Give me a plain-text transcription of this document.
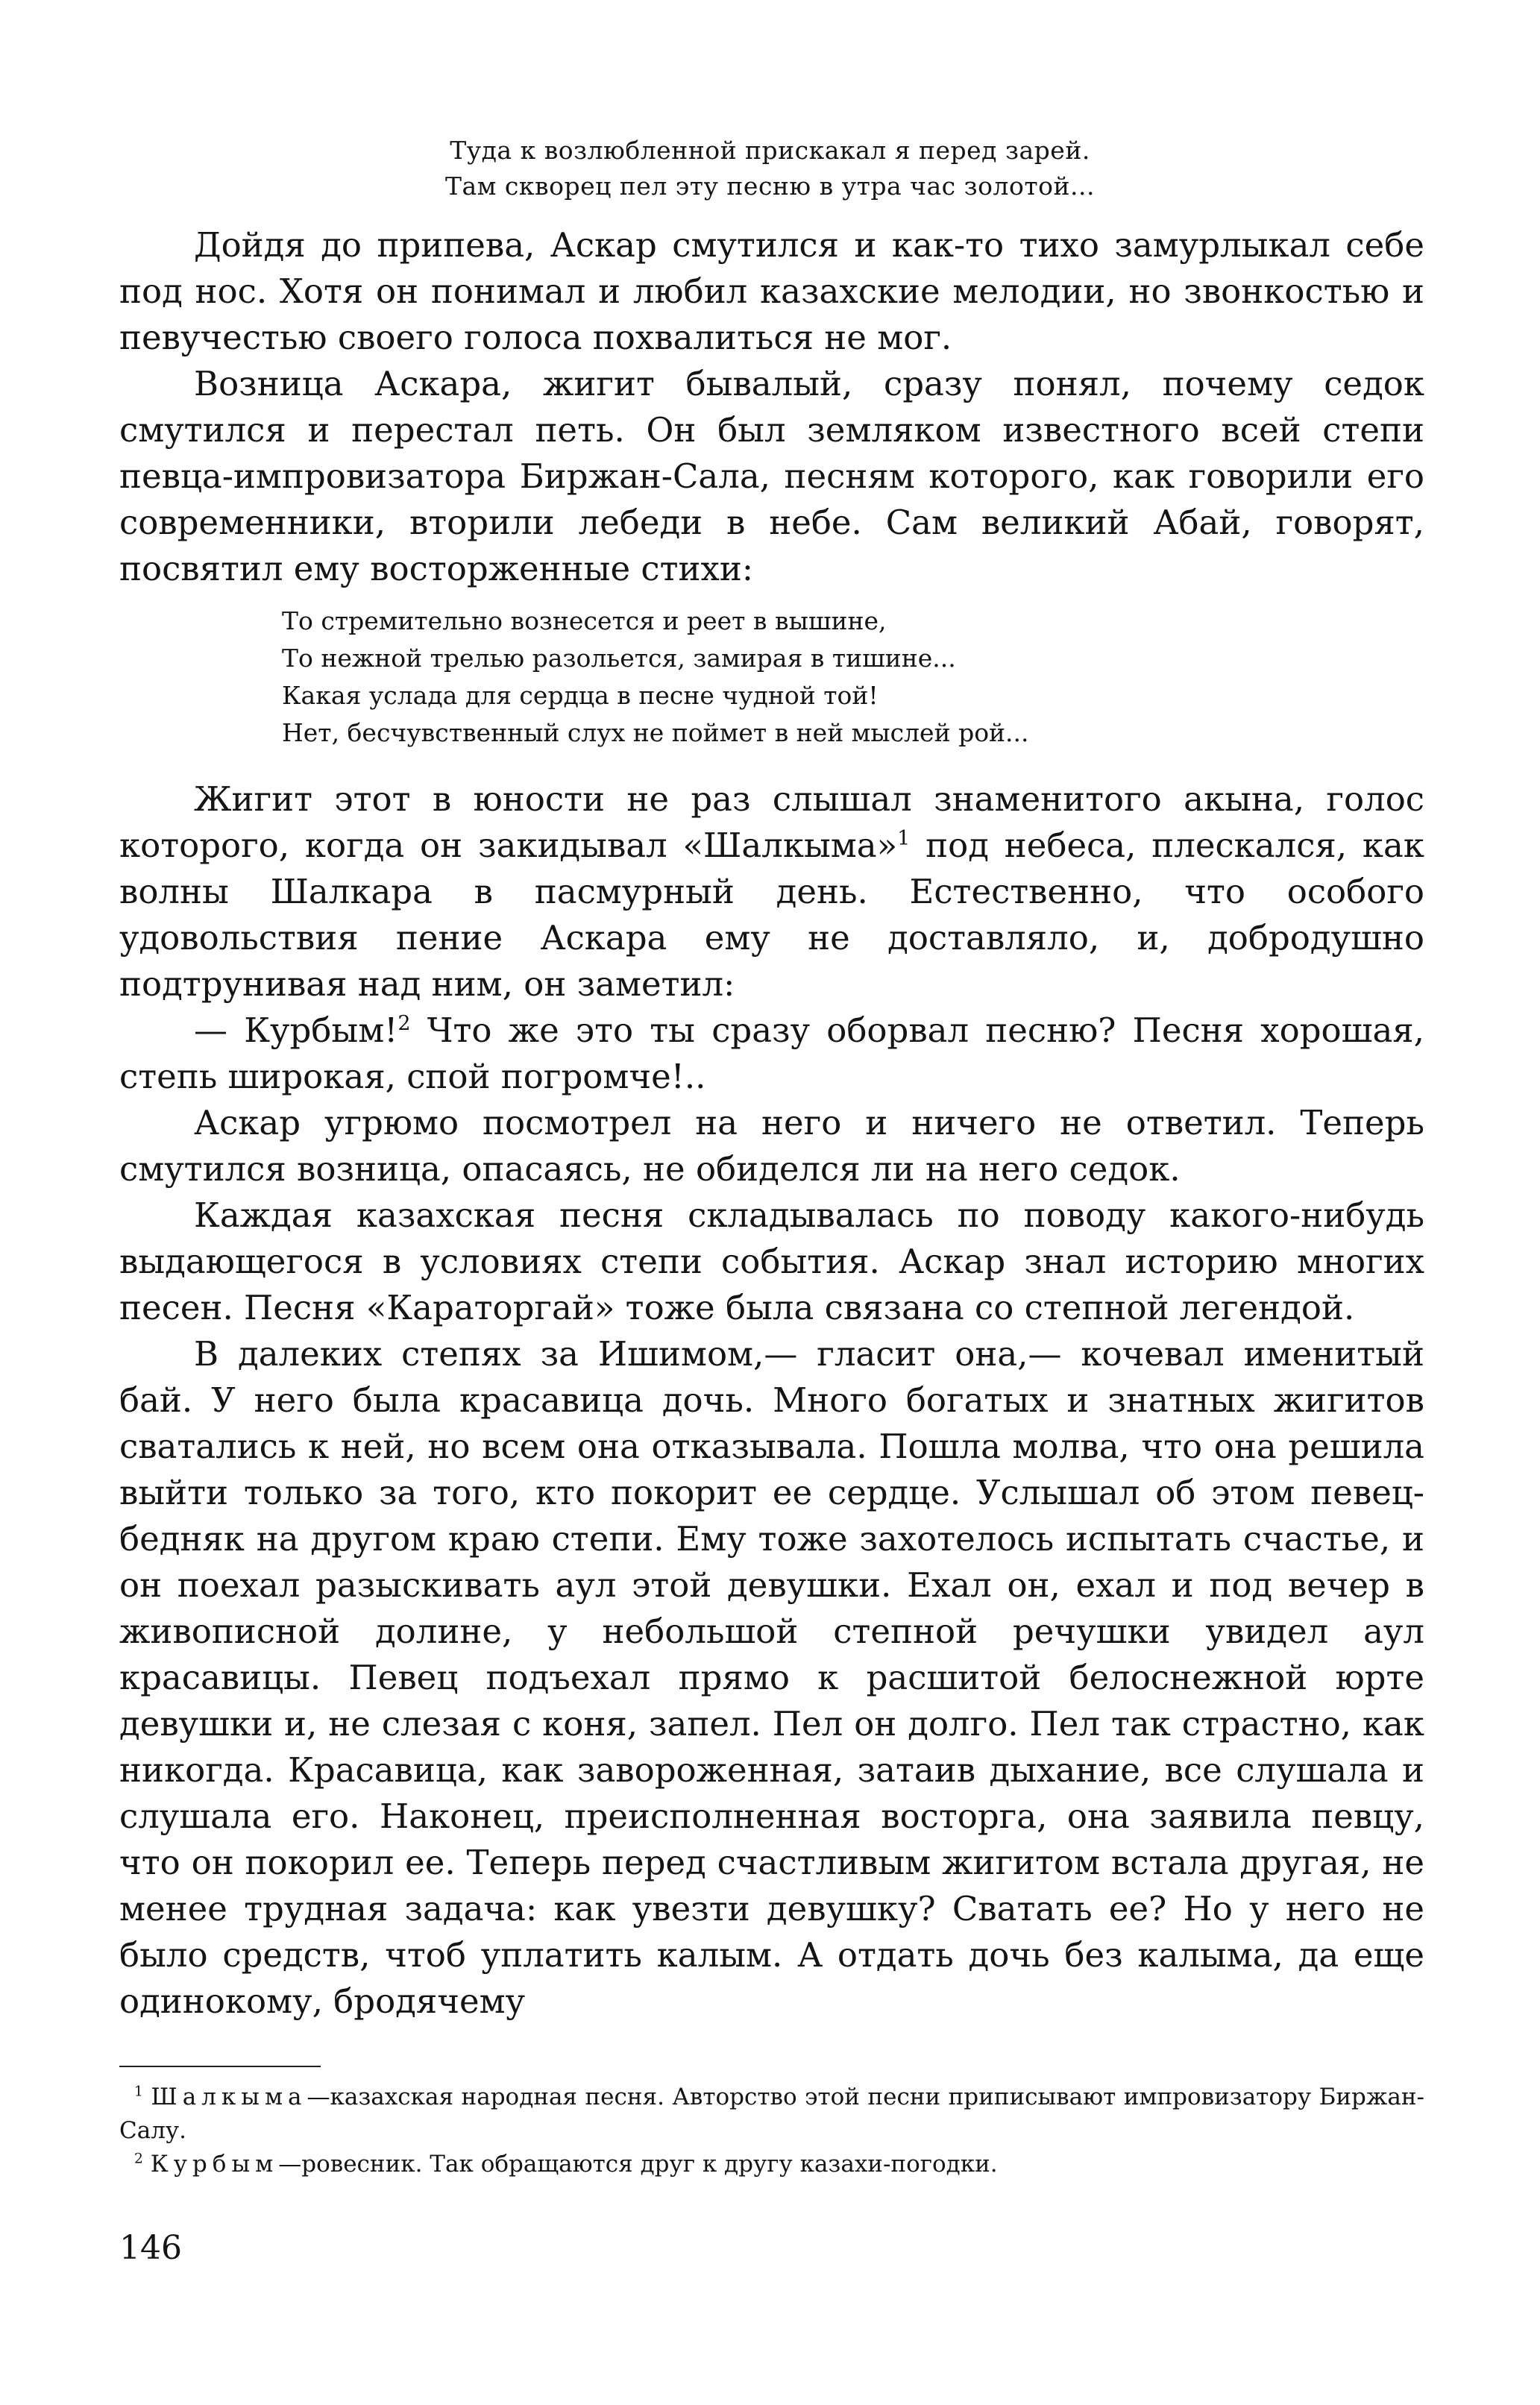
Туда к возлюбленной прискакал я перед зарей.
Там скворец пел эту песню в утра час золотой...

Дойдя до припева, Аскар смутился и как-то тихо замурлыкал себе под нос. Хотя он понимал и любил казахские мелодии, но звонкостью и певучестью своего голоса похвалиться не мог.

Возница Аскара, жигит бывалый, сразу понял, почему седок смутился и перестал петь. Он был земляком известного всей степи певца-импровизатора Биржан-Сала, песням которого, как говорили его современники, вторили лебеди в небе. Сам великий Абай, говорят, посвятил ему восторженные стихи:

То стремительно вознесется и реет в вышине,
То нежной трелью разольется, замирая в тишине...
Какая услада для сердца в песне чудной той!
Нет, бесчувственный слух не поймет в ней мыслей рой...

Жигит этот в юности не раз слышал знаменитого акына, голос которого, когда он закидывал «Шалкыма»$^1$ под небеса, плескался, как волны Шалкара в пасмурный день. Естественно, что особого удовольствия пение Аскара ему не доставляло, и, добродушно подтрунивая над ним, он заметил:

— Курбым!$^2$ Что же это ты сразу оборвал песню? Песня хорошая, степь широкая, спой погромче!..

Аскар угрюмо посмотрел на него и ничего не ответил. Теперь смутился возница, опасаясь, не обиделся ли на него седок.

Каждая казахская песня складывалась по поводу какого-нибудь выдающегося в условиях степи события. Аскар знал историю многих песен. Песня «Караторгай» тоже была связана со степной легендой.

В далеких степях за Ишимом,— гласит она,— кочевал именитый бай. У него была красавица дочь. Много богатых и знатных жигитов сватались к ней, но всем она отказывала. Пошла молва, что она решила выйти только за того, кто покорит ее сердце. Услышал об этом певец-бедняк на другом краю степи. Ему тоже захотелось испытать счастье, и он поехал разыскивать аул этой девушки. Ехал он, ехал и под вечер в живописной долине, у небольшой степной речушки увидел аул красавицы. Певец подъехал прямо к расшитой белоснежной юрте девушки и, не слезая с коня, запел. Пел он долго. Пел так страстно, как никогда. Красавица, как завороженная, затаив дыхание, все слушала и слушала его. Наконец, преисполненная восторга, она заявила певцу, что он покорил ее. Теперь перед счастливым жигитом встала другая, не менее трудная задача: как увезти девушку? Сватать ее? Но у него не было средств, чтоб уплатить калым. А отдать дочь без калыма, да еще одинокому, бродячему

$^1$ Шалкыма—казахская народная песня. Авторство этой песни приписывают импровизатору Биржан-Салу.

$^2$ Курбым—ровесник. Так обращаются друг к другу казахи-погодки.

146
